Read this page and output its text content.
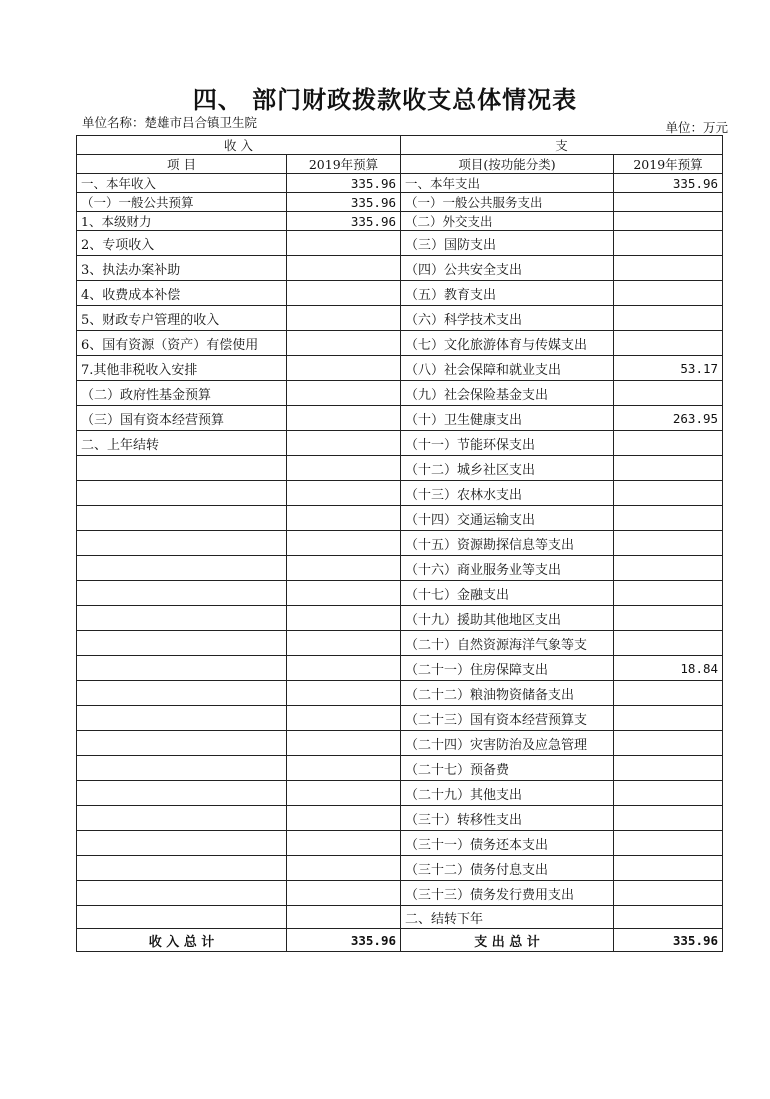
四、 部门财政拨款收支总体情况表
单位名称：楚雄市吕合镇卫生院	单位：万元
收 入		支	
项 目	2019年预算	项目(按功能分类)	2019年预算
一、本年收入	335.96	一、本年支出	335.96
（一）一般公共预算	335.96	（一）一般公共服务支出	
1、本级财力	335.96	（二）外交支出	
2、专项收入		（三）国防支出	
3、执法办案补助		（四）公共安全支出	
4、收费成本补偿		（五）教育支出	
5、财政专户管理的收入		（六）科学技术支出	
6、国有资源（资产）有偿使用		（七）文化旅游体育与传媒支出	
7.其他非税收入安排		（八）社会保障和就业支出	53.17
（二）政府性基金预算		（九）社会保险基金支出	
（三）国有资本经营预算		（十）卫生健康支出	263.95
二、上年结转		（十一）节能环保支出	
		（十二）城乡社区支出	
		（十三）农林水支出	
		（十四）交通运输支出	
		（十五）资源勘探信息等支出	
		（十六）商业服务业等支出	
		（十七）金融支出	
		（十九）援助其他地区支出	
		（二十）自然资源海洋气象等支	
		（二十一）住房保障支出	18.84
		（二十二）粮油物资储备支出	
		（二十三）国有资本经营预算支	
		（二十四）灾害防治及应急管理	
		（二十七）预备费	
		（二十九）其他支出	
		（三十）转移性支出	
		（三十一）债务还本支出	
		（三十二）债务付息支出	
		（三十三）债务发行费用支出	
		二、结转下年	
收 入 总 计	335.96	支 出 总 计	335.96
